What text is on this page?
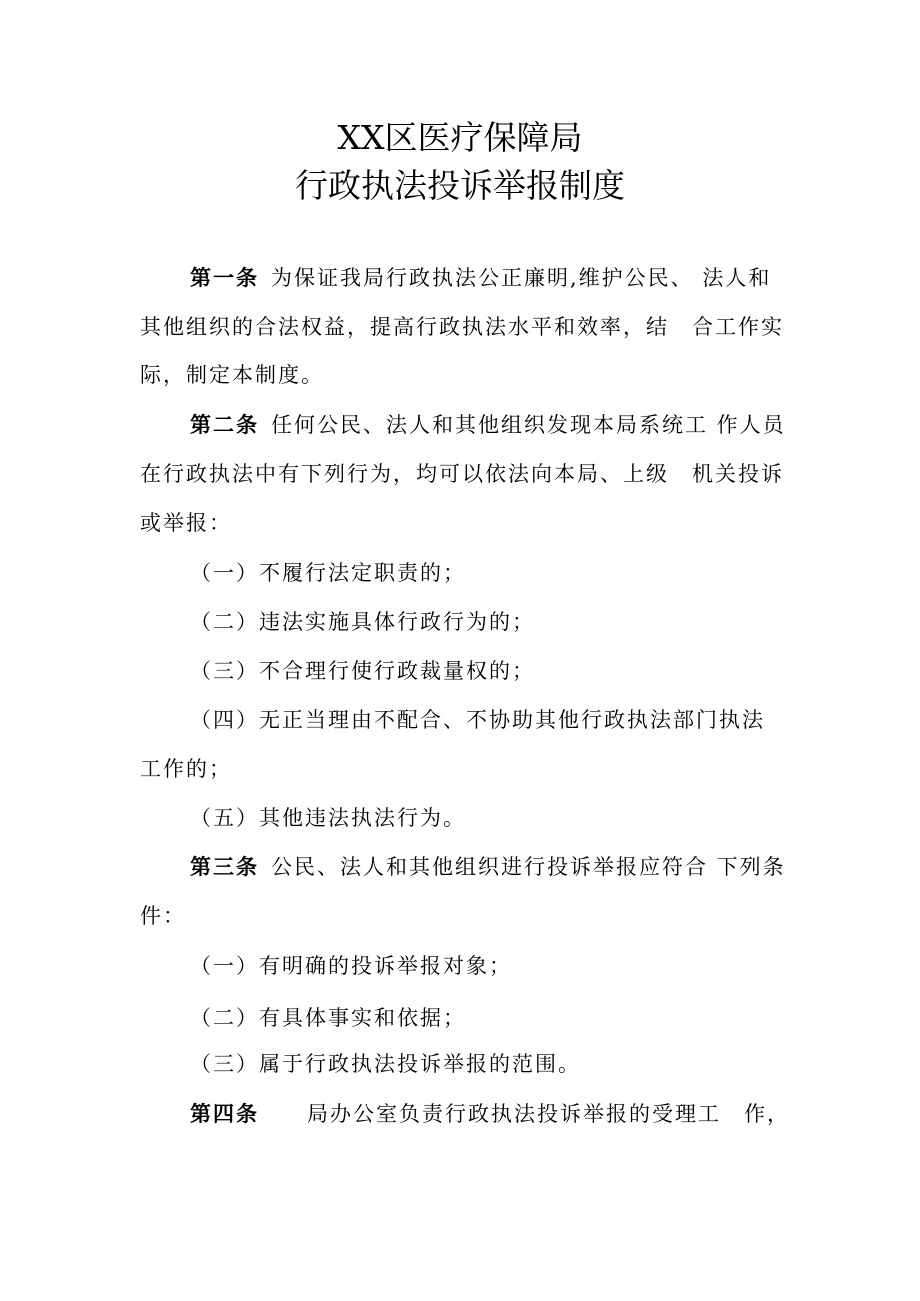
XX区医疗保障局
行政执法投诉举报制度
第一条 为保证我局行政执法公正廉明,维护公民、 法人和
其他组织的合法权益，提高行政执法水平和效率，结　合工作实
际，制定本制度。
第二条 任何公民、法人和其他组织发现本局系统工 作人员
在行政执法中有下列行为，均可以依法向本局、上级　机关投诉
或举报：
（一）不履行法定职责的；
（二）违法实施具体行政行为的；
（三）不合理行使行政裁量权的；
（四）无正当理由不配合、不协助其他行政执法部门执法
工作的；
（五）其他违法执法行为。
第三条 公民、法人和其他组织进行投诉举报应符合 下列条
件：
（一）有明确的投诉举报对象；
（二）有具体事实和依据；
（三）属于行政执法投诉举报的范围。
第四条 局办公室负责行政执法投诉举报的受理工　作，
